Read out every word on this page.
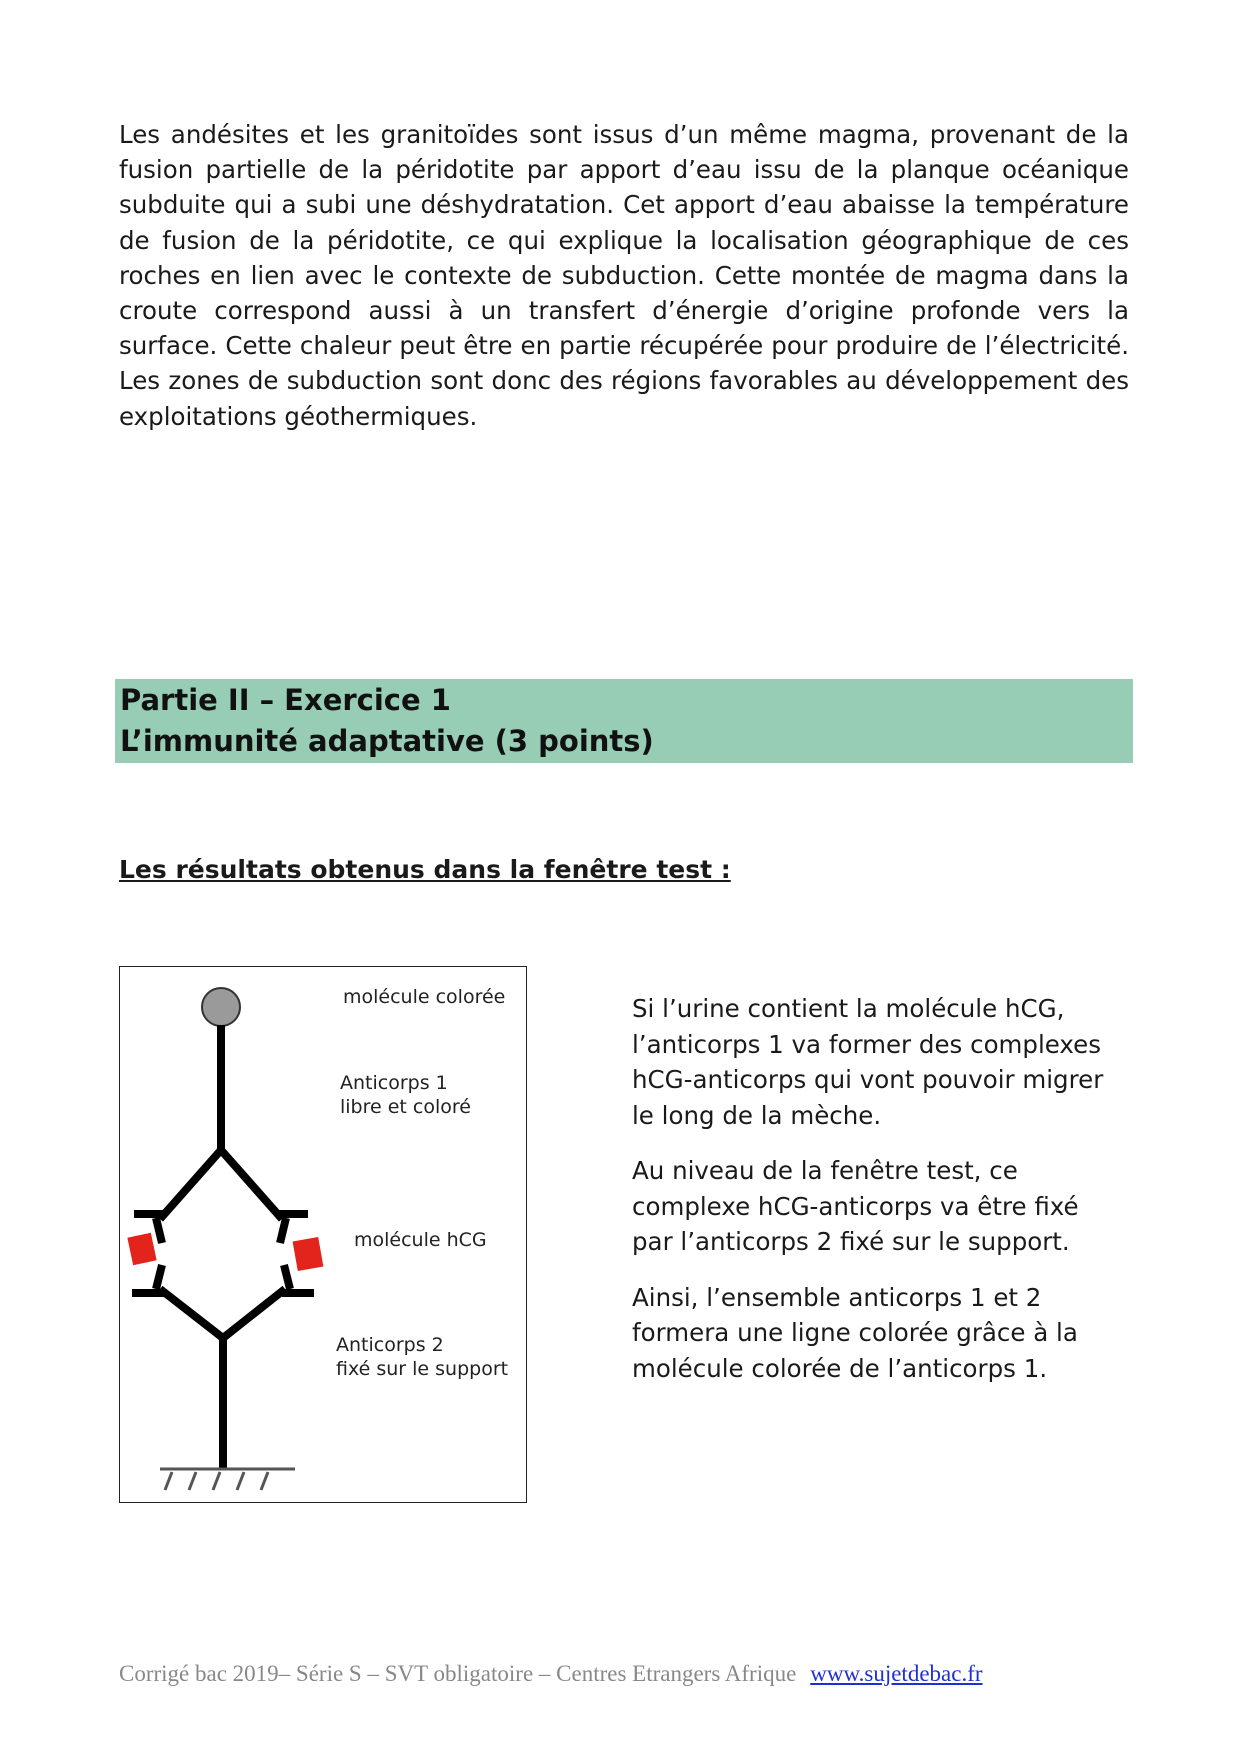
Les andésites et les granitoïdes sont issus d’un même magma, provenant de la fusion partielle de la péridotite par apport d’eau issu de la planque océanique subduite qui a subi une déshydratation. Cet apport d’eau abaisse la température de fusion de la péridotite, ce qui explique la localisation géographique de ces roches en lien avec le contexte de subduction. Cette montée de magma dans la croute correspond aussi à un transfert d’énergie d’origine profonde vers la surface. Cette chaleur peut être en partie récupérée pour produire de l’électricité. Les zones de subduction sont donc des régions favorables au développement des exploitations géothermiques.

Partie II – Exercice 1
L’immunité adaptative (3 points)
Les résultats obtenus dans la fenêtre test :
molécule colorée
Anticorps 1
libre et coloré
molécule hCG
Anticorps 2
fixé sur le support

Si l’urine contient la molécule hCG, l’anticorps 1 va former des complexes hCG-anticorps qui vont pouvoir migrer le long de la mèche.

Au niveau de la fenêtre test, ce complexe hCG-anticorps va être fixé par l’anticorps 2 fixé sur le support.

Ainsi, l’ensemble anticorps 1 et 2 formera une ligne colorée grâce à la molécule colorée de l’anticorps 1.

Corrigé bac 2019– Série S – SVT obligatoire – Centres Etrangers Afrique www.sujetdebac.fr
